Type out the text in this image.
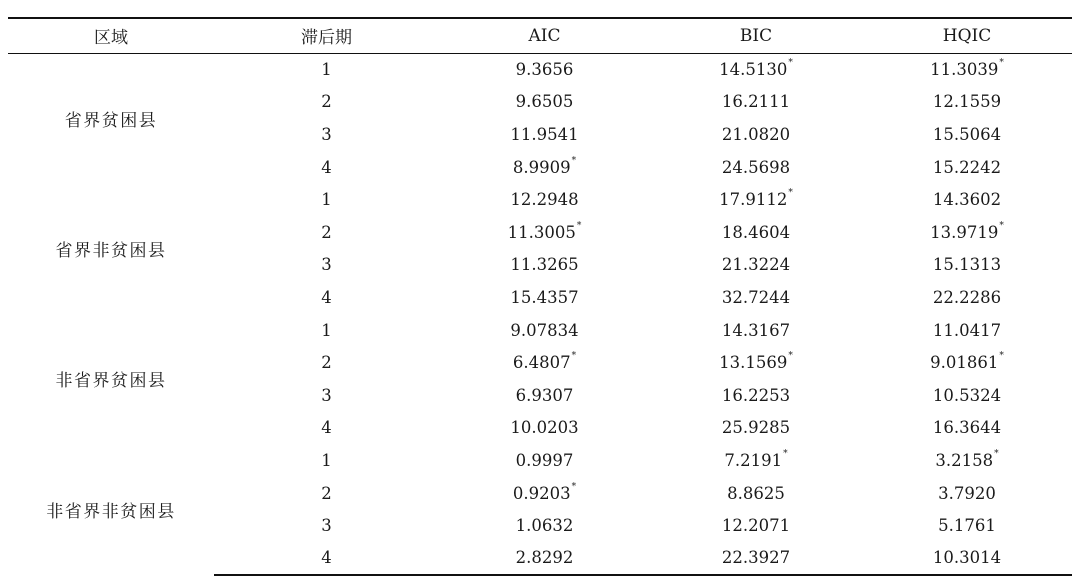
区域	滞后期	AIC	BIC	HQIC
省界贫困县	1	9.3656	14.5130*	11.3039*
	2	9.6505	16.2111	12.1559
	3	11.9541	21.0820	15.5064
	4	8.9909*	24.5698	15.2242
省界非贫困县	1	12.2948	17.9112*	14.3602
	2	11.3005*	18.4604	13.9719*
	3	11.3265	21.3224	15.1313
	4	15.4357	32.7244	22.2286
非省界贫困县	1	9.07834	14.3167	11.0417
	2	6.4807*	13.1569*	9.01861*
	3	6.9307	16.2253	10.5324
	4	10.0203	25.9285	16.3644
非省界非贫困县	1	0.9997	7.2191*	3.2158*
	2	0.9203*	8.8625	3.7920
	3	1.0632	12.2071	5.1761
	4	2.8292	22.3927	10.3014
